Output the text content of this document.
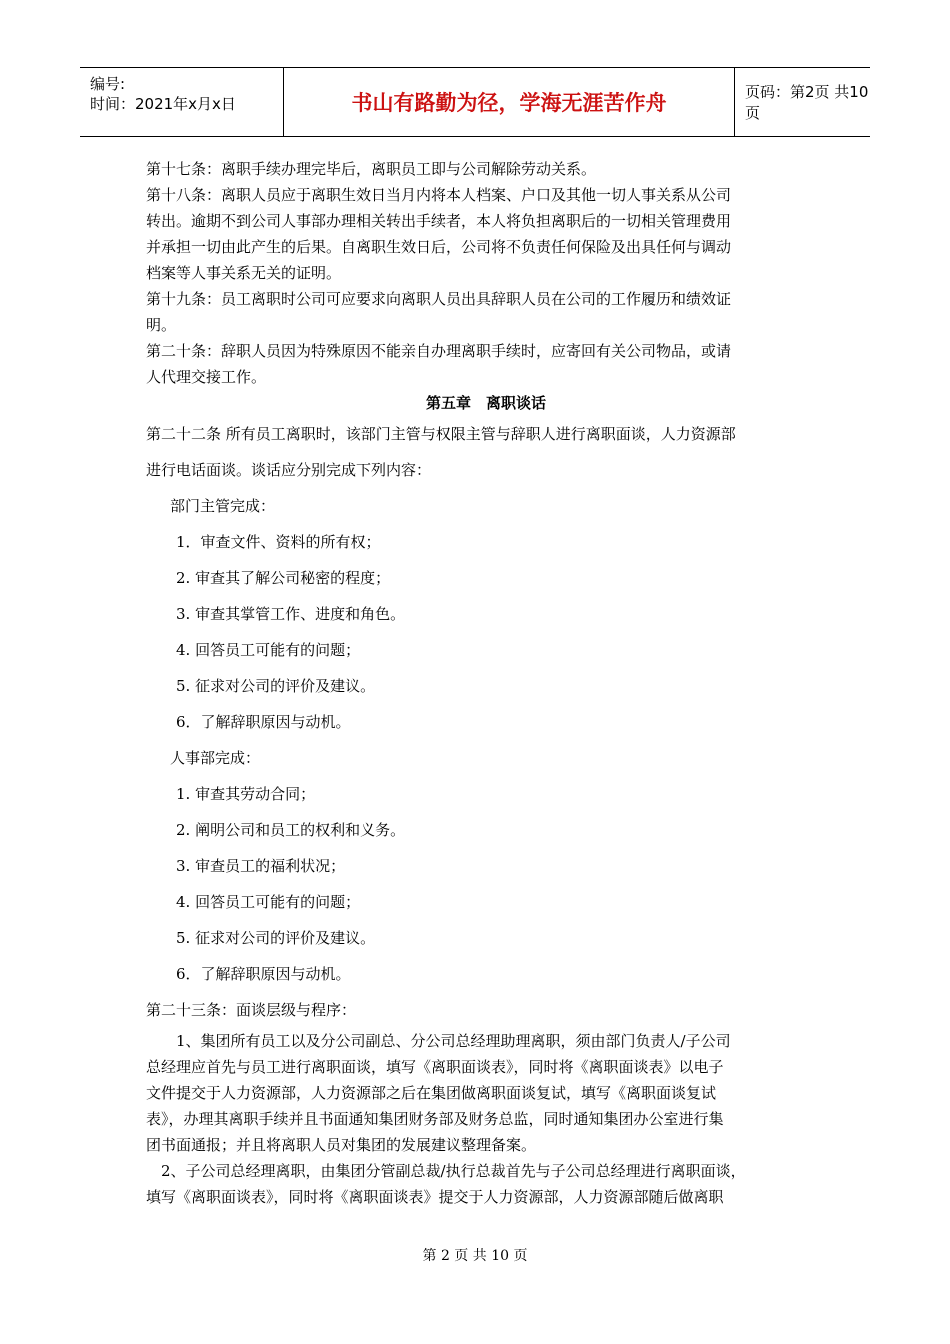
编号:
时间：2021年x月x日	书山有路勤为径，学海无涯苦作舟	页码：第2页 共10页
第十七条：离职手续办理完毕后，离职员工即与公司解除劳动关系。
第十八条：离职人员应于离职生效日当月内将本人档案、户口及其他一切人事关系从公司
转出。逾期不到公司人事部办理相关转出手续者，本人将负担离职后的一切相关管理费用
并承担一切由此产生的后果。自离职生效日后，公司将不负责任何保险及出具任何与调动
档案等人事关系无关的证明。
第十九条：员工离职时公司可应要求向离职人员出具辞职人员在公司的工作履历和绩效证
明。
第二十条：辞职人员因为特殊原因不能亲自办理离职手续时，应寄回有关公司物品，或请
人代理交接工作。
第五章　离职谈话
第二十二条 所有员工离职时，该部门主管与权限主管与辞职人进行离职面谈，人力资源部
进行电话面谈。谈话应分别完成下列内容：
部门主管完成：
1．审查文件、资料的所有权；
2. 审查其了解公司秘密的程度；
3. 审查其掌管工作、进度和角色。
4. 回答员工可能有的问题；
5. 征求对公司的评价及建议。
6．了解辞职原因与动机。
人事部完成：
1. 审查其劳动合同；
2. 阐明公司和员工的权利和义务。
3. 审查员工的福利状况；
4. 回答员工可能有的问题；
5. 征求对公司的评价及建议。
6．了解辞职原因与动机。
第二十三条：面谈层级与程序：
　　1、集团所有员工以及分公司副总、分公司总经理助理离职，须由部门负责人/子公司
总经理应首先与员工进行离职面谈，填写《离职面谈表》，同时将《离职面谈表》以电子
文件提交于人力资源部，人力资源部之后在集团做离职面谈复试，填写《离职面谈复试
表》，办理其离职手续并且书面通知集团财务部及财务总监，同时通知集团办公室进行集
团书面通报；并且将离职人员对集团的发展建议整理备案。
　2、子公司总经理离职，由集团分管副总裁/执行总裁首先与子公司总经理进行离职面谈，
填写《离职面谈表》，同时将《离职面谈表》提交于人力资源部，人力资源部随后做离职
第 2 页 共 10 页
